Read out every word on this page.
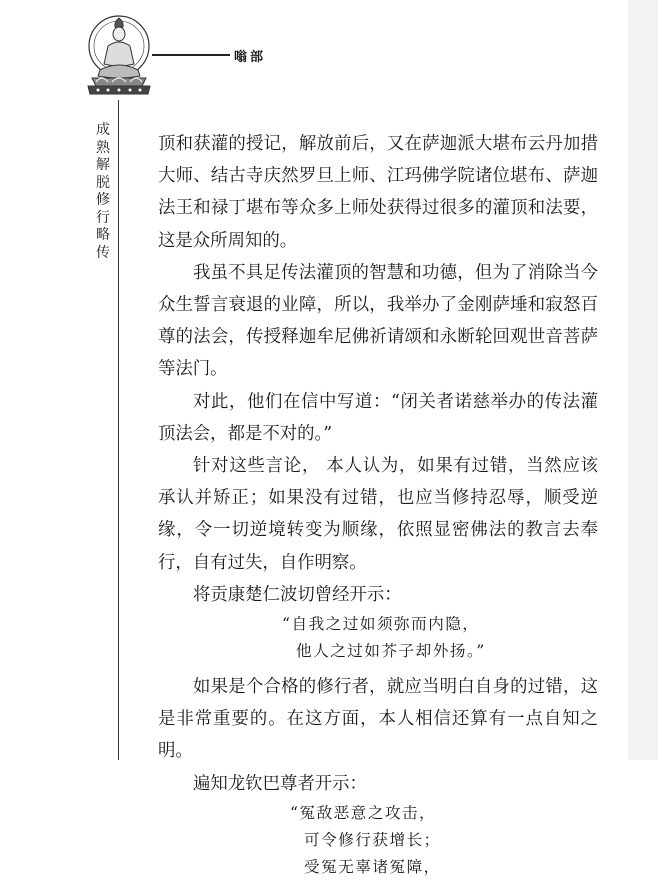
嗡部
成熟解脱修行略传

顶和获灌的授记，解放前后，又在萨迦派大堪布云丹加措大师、结古寺庆然罗旦上师、江玛佛学院诸位堪布、萨迦法王和禄丁堪布等众多上师处获得过很多的灌顶和法要，这是众所周知的。

我虽不具足传法灌顶的智慧和功德，但为了消除当今众生誓言衰退的业障，所以，我举办了金刚萨埵和寂怒百尊的法会，传授释迦牟尼佛祈请颂和永断轮回观世音菩萨等法门。

对此，他们在信中写道：“闭关者诺慈举办的传法灌顶法会，都是不对的。”

针对这些言论， 本人认为，如果有过错，当然应该承认并矫正；如果没有过错，也应当修持忍辱，顺受逆缘，令一切逆境转变为顺缘，依照显密佛法的教言去奉行，自有过失，自作明察。

将贡康楚仁波切曾经开示：

“自我之过如须弥而内隐，

他人之过如芥子却外扬。”

如果是个合格的修行者，就应当明白自身的过错，这是非常重要的。在这方面，本人相信还算有一点自知之明。

遍知龙钦巴尊者开示：

“冤敌恶意之攻击，

可令修行获增长；

受冤无辜诸冤障，
